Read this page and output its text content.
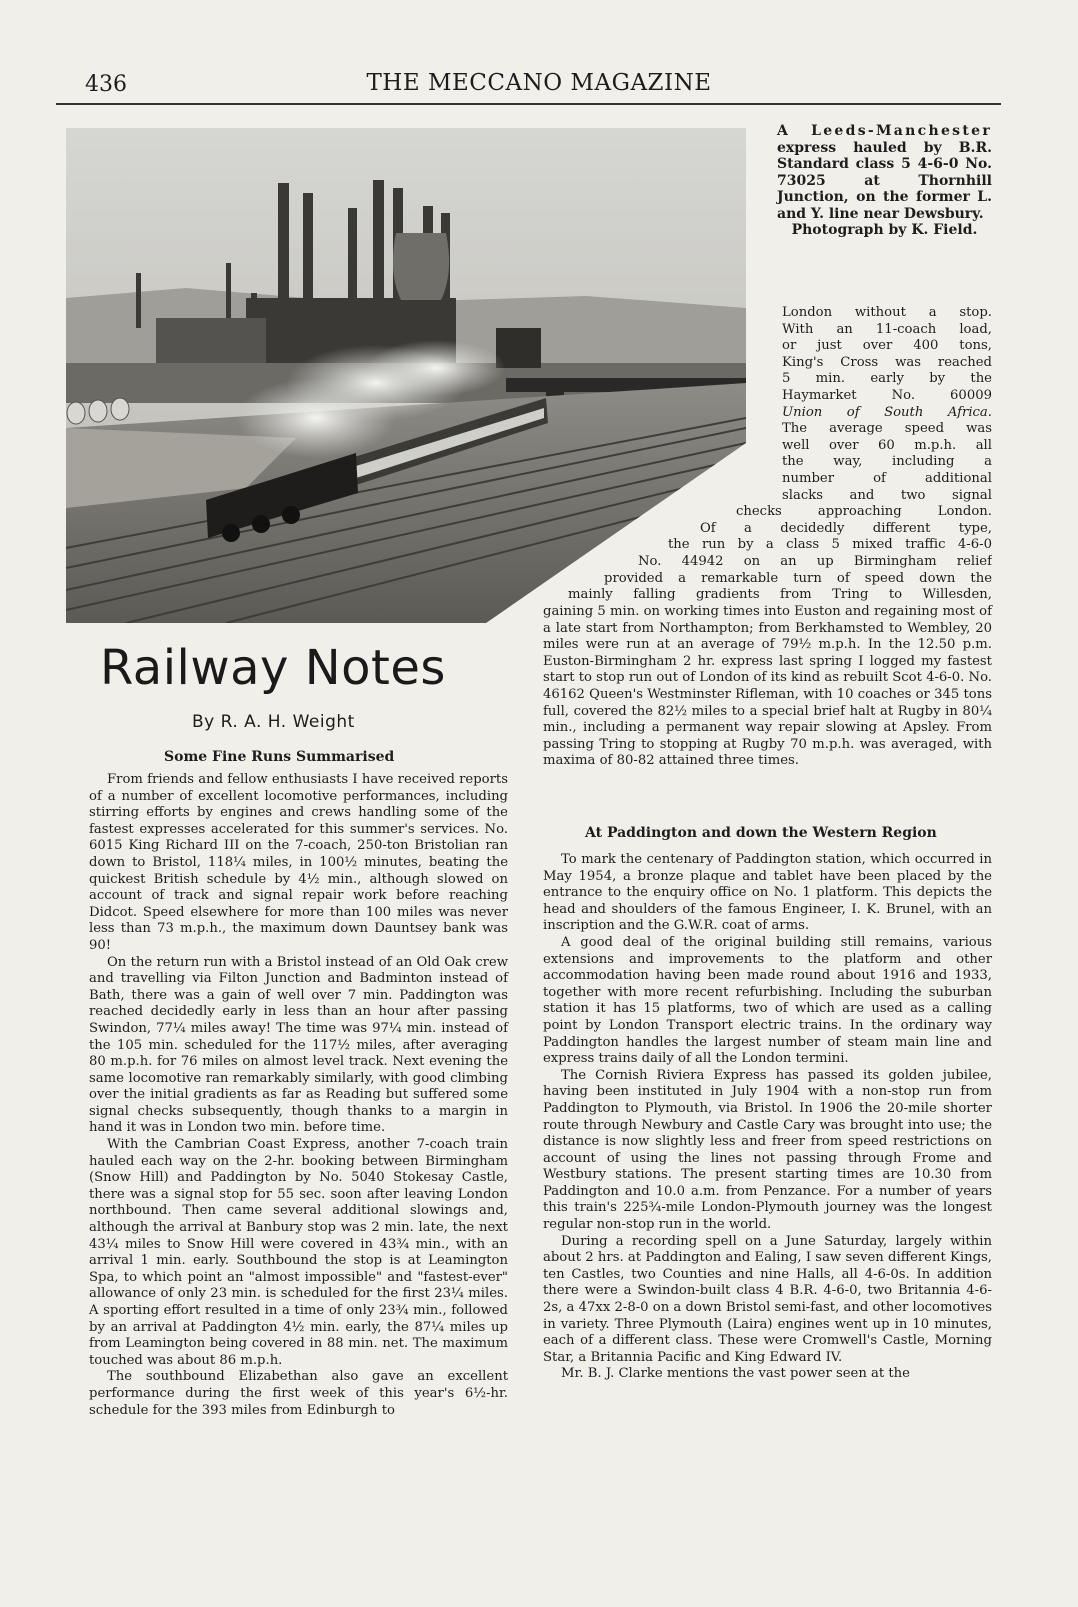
436	THE MECCANO MAGAZINE
A Leeds-Manchester express hauled by B.R. Standard class 5 4-6-0 No. 73025 at Thornhill Junction, on the former L. and Y. line near Dewsbury.
Photograph by K. Field.
Railway Notes
By R. A. H. Weight
Some Fine Runs Summarised

From friends and fellow enthusiasts I have received reports of a number of excellent locomotive performances, including stirring efforts by engines and crews handling some of the fastest expresses accelerated for this summer's services. No. 6015 King Richard III on the 7-coach, 250-ton Bristolian ran down to Bristol, 118¼ miles, in 100½ minutes, beating the quickest British schedule by 4½ min., although slowed on account of track and signal repair work before reaching Didcot. Speed elsewhere for more than 100 miles was never less than 73 m.p.h., the maximum down Dauntsey bank was 90!

On the return run with a Bristol instead of an Old Oak crew and travelling via Filton Junction and Badminton instead of Bath, there was a gain of well over 7 min. Paddington was reached decidedly early in less than an hour after passing Swindon, 77¼ miles away! The time was 97¼ min. instead of the 105 min. scheduled for the 117½ miles, after averaging 80 m.p.h. for 76 miles on almost level track. Next evening the same locomotive ran remarkably similarly, with good climbing over the initial gradients as far as Reading but suffered some signal checks subsequently, though thanks to a margin in hand it was in London two min. before time.

With the Cambrian Coast Express, another 7-coach train hauled each way on the 2-hr. booking between Birmingham (Snow Hill) and Paddington by No. 5040 Stokesay Castle, there was a signal stop for 55 sec. soon after leaving London northbound. Then came several additional slowings and, although the arrival at Banbury stop was 2 min. late, the next 43¼ miles to Snow Hill were covered in 43¾ min., with an arrival 1 min. early. Southbound the stop is at Leamington Spa, to which point an "almost impossible" and "fastest-ever" allowance of only 23 min. is scheduled for the first 23¼ miles. A sporting effort resulted in a time of only 23¾ min., followed by an arrival at Paddington 4½ min. early, the 87¼ miles up from Leamington being covered in 88 min. net. The maximum touched was about 86 m.p.h.

The southbound Elizabethan also gave an excellent performance during the first week of this year's 6½-hr. schedule for the 393 miles from Edinburgh to

London without a stop.
With an 11-coach load,
or just over 400 tons,
King's Cross was reached
5 min. early by the
Haymarket No. 60009
Union of South Africa.
The average speed was
well over 60 m.p.h. all
the way, including a
number of additional
slacks and two signal
checks approaching London.
Of a decidedly different type,
the run by a class 5 mixed traffic 4-6-0
No. 44942 on an up Birmingham relief
provided a remarkable turn of speed down the
mainly falling gradients from Tring to Willesden,

gaining 5 min. on working times into Euston and regaining most of a late start from Northampton; from Berkhamsted to Wembley, 20 miles were run at an average of 79½ m.p.h. In the 12.50 p.m. Euston-Birmingham 2 hr. express last spring I logged my fastest start to stop run out of London of its kind as rebuilt Scot 4-6-0. No. 46162 Queen's Westminster Rifleman, with 10 coaches or 345 tons full, covered the 82½ miles to a special brief halt at Rugby in 80¼ min., including a permanent way repair slowing at Apsley. From passing Tring to stopping at Rugby 70 m.p.h. was averaged, with maxima of 80-82 attained three times.

At Paddington and down the Western Region

To mark the centenary of Paddington station, which occurred in May 1954, a bronze plaque and tablet have been placed by the entrance to the enquiry office on No. 1 platform. This depicts the head and shoulders of the famous Engineer, I. K. Brunel, with an inscription and the G.W.R. coat of arms.

A good deal of the original building still remains, various extensions and improvements to the platform and other accommodation having been made round about 1916 and 1933, together with more recent refurbishing. Including the suburban station it has 15 platforms, two of which are used as a calling point by London Transport electric trains. In the ordinary way Paddington handles the largest number of steam main line and express trains daily of all the London termini.

The Cornish Riviera Express has passed its golden jubilee, having been instituted in July 1904 with a non-stop run from Paddington to Plymouth, via Bristol. In 1906 the 20-mile shorter route through Newbury and Castle Cary was brought into use; the distance is now slightly less and freer from speed restrictions on account of using the lines not passing through Frome and Westbury stations. The present starting times are 10.30 from Paddington and 10.0 a.m. from Penzance. For a number of years this train's 225¾-mile London-Plymouth journey was the longest regular non-stop run in the world.

During a recording spell on a June Saturday, largely within about 2 hrs. at Paddington and Ealing, I saw seven different Kings, ten Castles, two Counties and nine Halls, all 4-6-0s. In addition there were a Swindon-built class 4 B.R. 4-6-0, two Britannia 4-6-2s, a 47xx 2-8-0 on a down Bristol semi-fast, and other locomotives in variety. Three Plymouth (Laira) engines went up in 10 minutes, each of a different class. These were Cromwell's Castle, Morning Star, a Britannia Pacific and King Edward IV.

Mr. B. J. Clarke mentions the vast power seen at the
